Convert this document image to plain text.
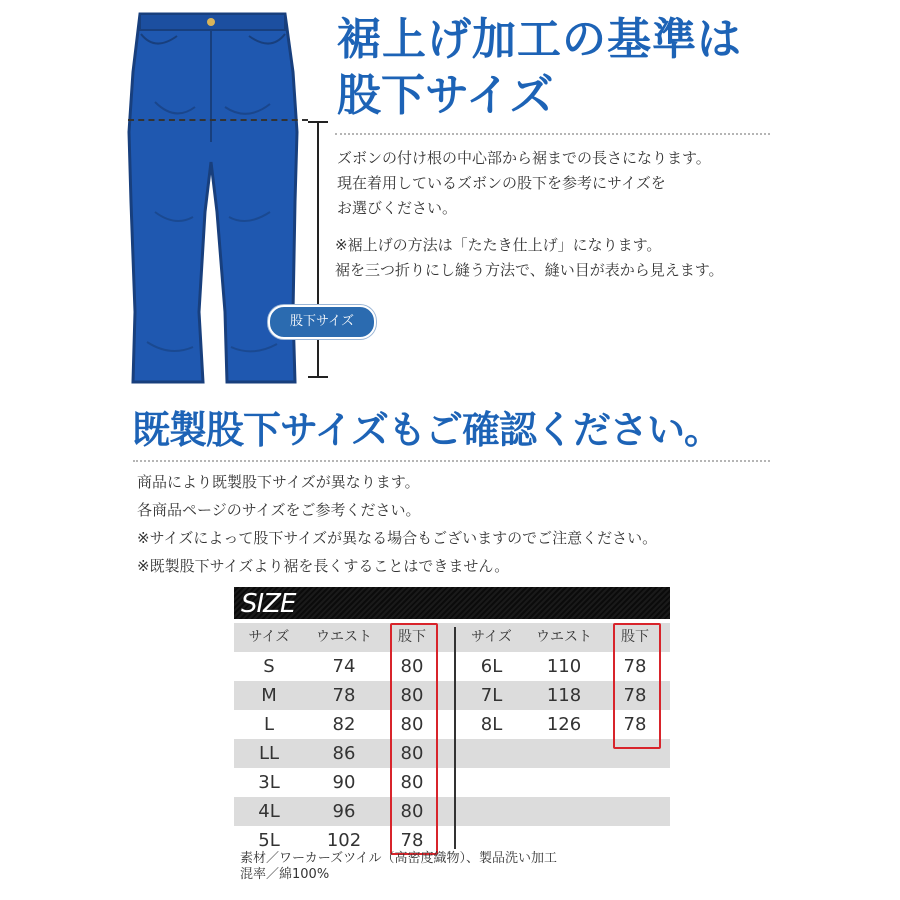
股下サイズ
裾上げ加工の基準は
股下サイズ
ズボンの付け根の中心部から裾までの長さになります。
現在着用しているズボンの股下を参考にサイズを
お選びください。
※裾上げの方法は「たたき仕上げ」になります。
裾を三つ折りにし縫う方法で、縫い目が表から見えます。
既製股下サイズもご確認ください。
商品により既製股下サイズが異なります。
各商品ページのサイズをご参考ください。
※サイズによって股下サイズが異なる場合もございますのでご注意ください。
※既製股下サイズより裾を長くすることはできません。
SIZE
サイズ	ウエスト	股下	サイズ	ウエスト	股下
S	74	80	6L	110	78
M	78	80	7L	118	78
L	82	80	8L	126	78
LL	86	80
3L	90	80
4L	96	80
5L	102	78
素材／ワーカーズツイル（高密度織物）、製品洗い加工
混率／綿100%
